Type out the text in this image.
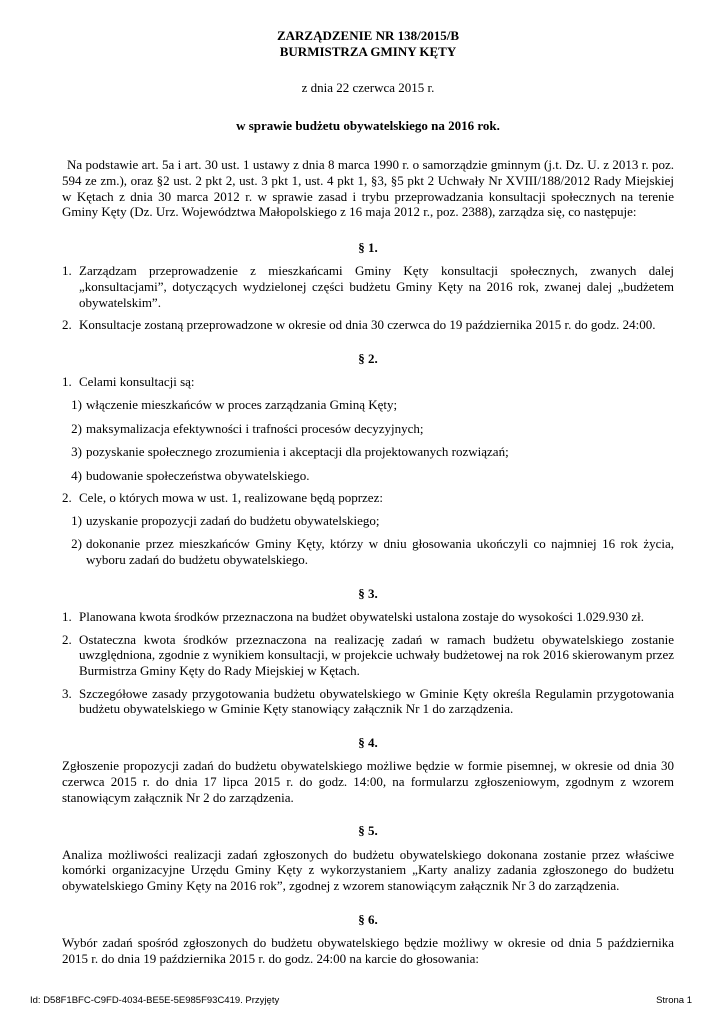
ZARZĄDZENIE NR 138/2015/B
BURMISTRZA GMINY KĘTY
z dnia 22 czerwca 2015 r.
w sprawie budżetu obywatelskiego na 2016 rok.
Na podstawie art. 5a i art. 30 ust. 1 ustawy z dnia 8 marca 1990 r. o samorządzie gminnym (j.t. Dz. U. z 2013 r. poz. 594 ze zm.), oraz §2 ust. 2 pkt 2, ust. 3 pkt 1, ust. 4 pkt 1, §3, §5 pkt 2 Uchwały Nr XVIII/188/2012 Rady Miejskiej w Kętach z dnia 30 marca 2012 r. w sprawie zasad i trybu przeprowadzania konsultacji społecznych na terenie Gminy Kęty (Dz. Urz. Województwa Małopolskiego z 16 maja 2012 r., poz. 2388), zarządza się, co następuje:
§ 1.
1. Zarządzam przeprowadzenie z mieszkańcami Gminy Kęty konsultacji społecznych, zwanych dalej „konsultacjami”, dotyczących wydzielonej części budżetu Gminy Kęty na 2016 rok, zwanej dalej „budżetem obywatelskim”.
2. Konsultacje zostaną przeprowadzone w okresie od dnia 30 czerwca do 19 października 2015 r. do godz. 24:00.
§ 2.
1. Celami konsultacji są:
1) włączenie mieszkańców w proces zarządzania Gminą Kęty;
2) maksymalizacja efektywności i trafności procesów decyzyjnych;
3) pozyskanie społecznego zrozumienia i akceptacji dla projektowanych rozwiązań;
4) budowanie społeczeństwa obywatelskiego.
2. Cele, o których mowa w ust. 1, realizowane będą poprzez:
1) uzyskanie propozycji zadań do budżetu obywatelskiego;
2) dokonanie przez mieszkańców Gminy Kęty, którzy w dniu głosowania ukończyli co najmniej 16 rok życia, wyboru zadań do budżetu obywatelskiego.
§ 3.
1. Planowana kwota środków przeznaczona na budżet obywatelski ustalona zostaje do wysokości 1.029.930 zł.
2. Ostateczna kwota środków przeznaczona na realizację zadań w ramach budżetu obywatelskiego zostanie uwzględniona, zgodnie z wynikiem konsultacji, w projekcie uchwały budżetowej na rok 2016 skierowanym przez Burmistrza Gminy Kęty do Rady Miejskiej w Kętach.
3. Szczegółowe zasady przygotowania budżetu obywatelskiego w Gminie Kęty określa Regulamin przygotowania budżetu obywatelskiego w Gminie Kęty stanowiący załącznik Nr 1 do zarządzenia.
§ 4.
Zgłoszenie propozycji zadań do budżetu obywatelskiego możliwe będzie w formie pisemnej, w okresie od dnia 30 czerwca 2015 r. do dnia 17 lipca 2015 r. do godz. 14:00, na formularzu zgłoszeniowym, zgodnym z wzorem stanowiącym załącznik Nr 2 do zarządzenia.
§ 5.
Analiza możliwości realizacji zadań zgłoszonych do budżetu obywatelskiego dokonana zostanie przez właściwe komórki organizacyjne Urzędu Gminy Kęty z wykorzystaniem „Karty analizy zadania zgłoszonego do budżetu obywatelskiego Gminy Kęty na 2016 rok”, zgodnej z wzorem stanowiącym załącznik Nr 3 do zarządzenia.
§ 6.
Wybór zadań spośród zgłoszonych do budżetu obywatelskiego będzie możliwy w okresie od dnia 5 października 2015 r. do dnia 19 października 2015 r. do godz. 24:00 na karcie do głosowania:
Id: D58F1BFC-C9FD-4034-BE5E-5E985F93C419. Przyjęty	Strona 1
